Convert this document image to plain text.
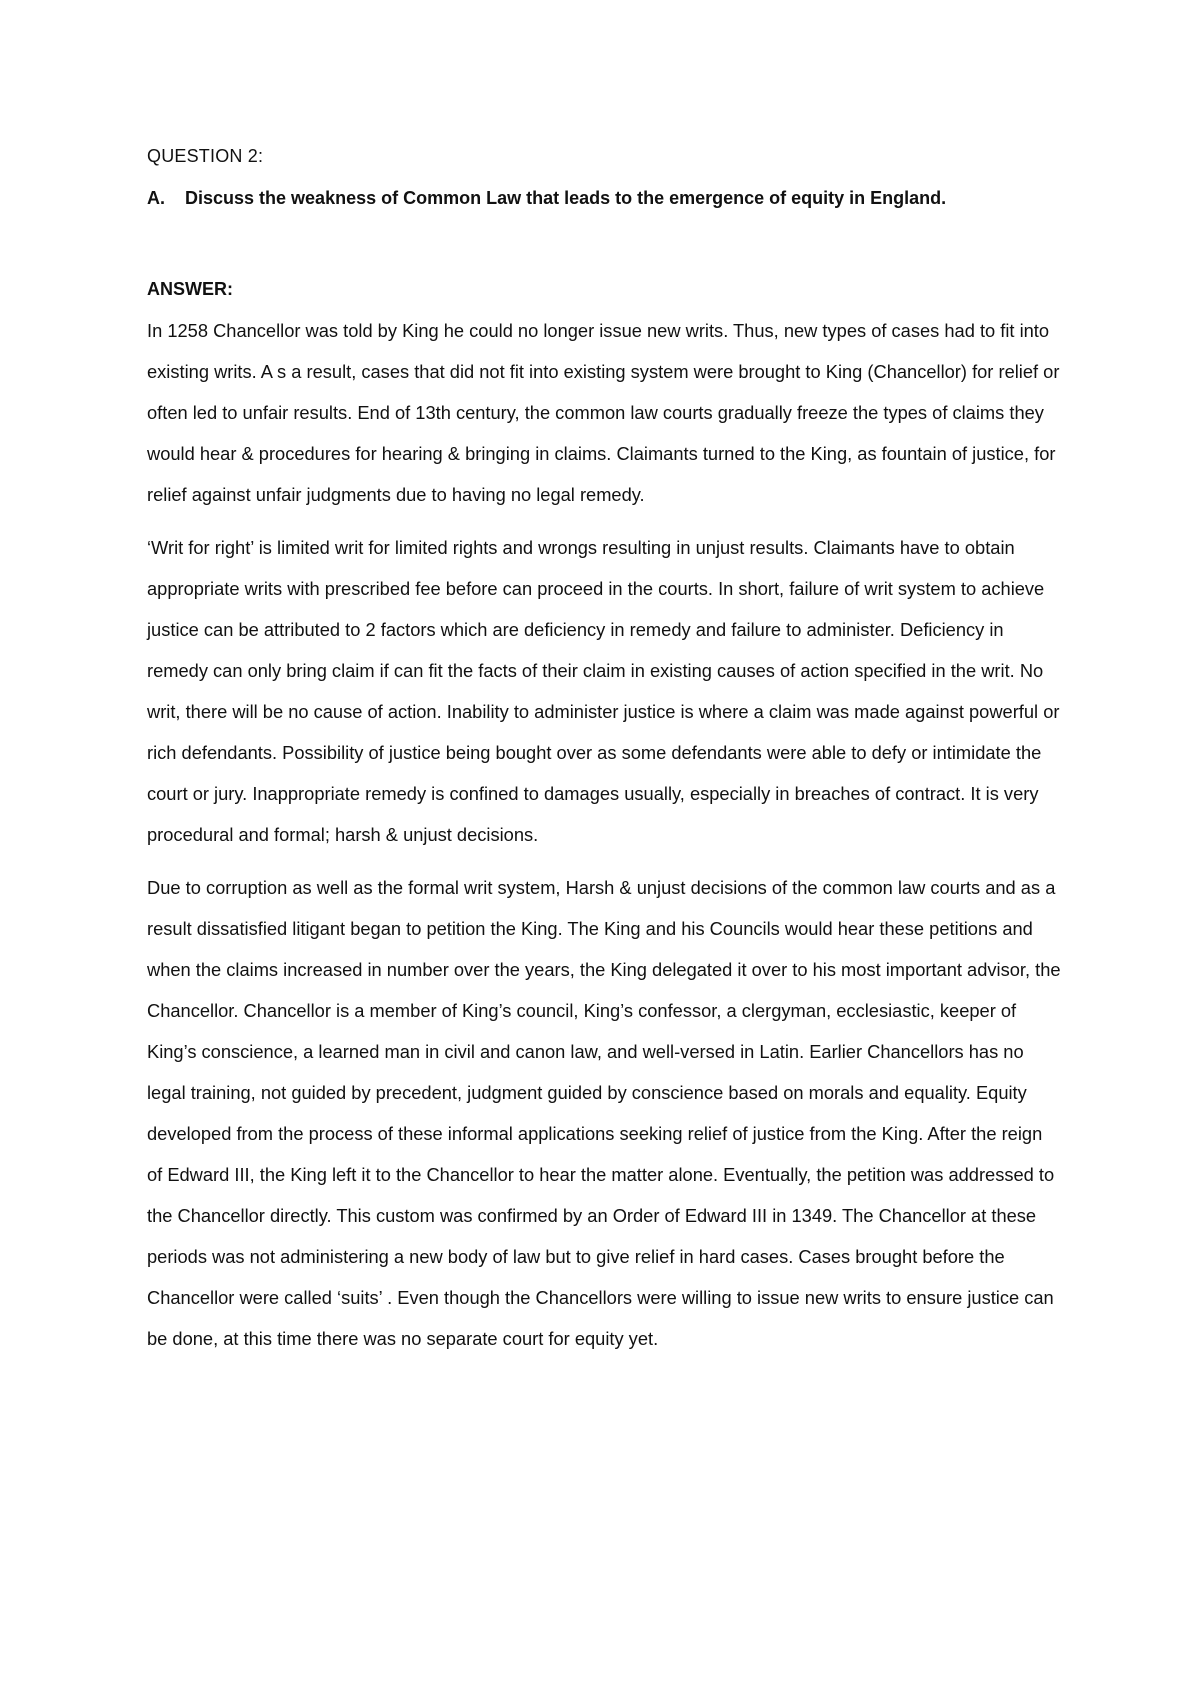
QUESTION 2:

A.	Discuss the weakness of Common Law that leads to the emergence of equity in England.
ANSWER:

In 1258 Chancellor was told by King he could no longer issue new writs. Thus, new types of cases had to fit into existing writs. A s a result, cases that did not fit into existing system were brought to King (Chancellor) for relief or often led to unfair results. End of 13th century, the common law courts gradually freeze the types of claims they would hear & procedures for hearing & bringing in claims. Claimants turned to the King, as fountain of justice, for relief against unfair judgments due to having no legal remedy.

‘Writ for right’ is limited writ for limited rights and wrongs resulting in unjust results. Claimants have to obtain appropriate writs with prescribed fee before can proceed in the courts. In short, failure of writ system to achieve justice can be attributed to 2 factors which are deficiency in remedy and failure to administer. Deficiency in remedy can only bring claim if can fit the facts of their claim in existing causes of action specified in the writ. No writ, there will be no cause of action. Inability to administer justice is where a claim was made against powerful or rich defendants. Possibility of justice being bought over as some defendants were able to defy or intimidate the court or jury. Inappropriate remedy is confined to damages usually, especially in breaches of contract. It is very procedural and formal; harsh & unjust decisions.

Due to corruption as well as the formal writ system, Harsh & unjust decisions of the common law courts and as a result dissatisfied litigant began to petition the King. The King and his Councils would hear these petitions and when the claims increased in number over the years, the King delegated it over to his most important advisor, the Chancellor. Chancellor is a member of King’s council, King’s confessor, a clergyman, ecclesiastic, keeper of King’s conscience, a learned man in civil and canon law, and well-versed in Latin. Earlier Chancellors has no legal training, not guided by precedent, judgment guided by conscience based on morals and equality. Equity developed from the process of these informal applications seeking relief of justice from the King. After the reign of Edward III, the King left it to the Chancellor to hear the matter alone. Eventually, the petition was addressed to the Chancellor directly. This custom was confirmed by an Order of Edward III in 1349. The Chancellor at these periods was not administering a new body of law but to give relief in hard cases. Cases brought before the Chancellor were called ‘suits’ . Even though the Chancellors were willing to issue new writs to ensure justice can be done, at this time there was no separate court for equity yet.
